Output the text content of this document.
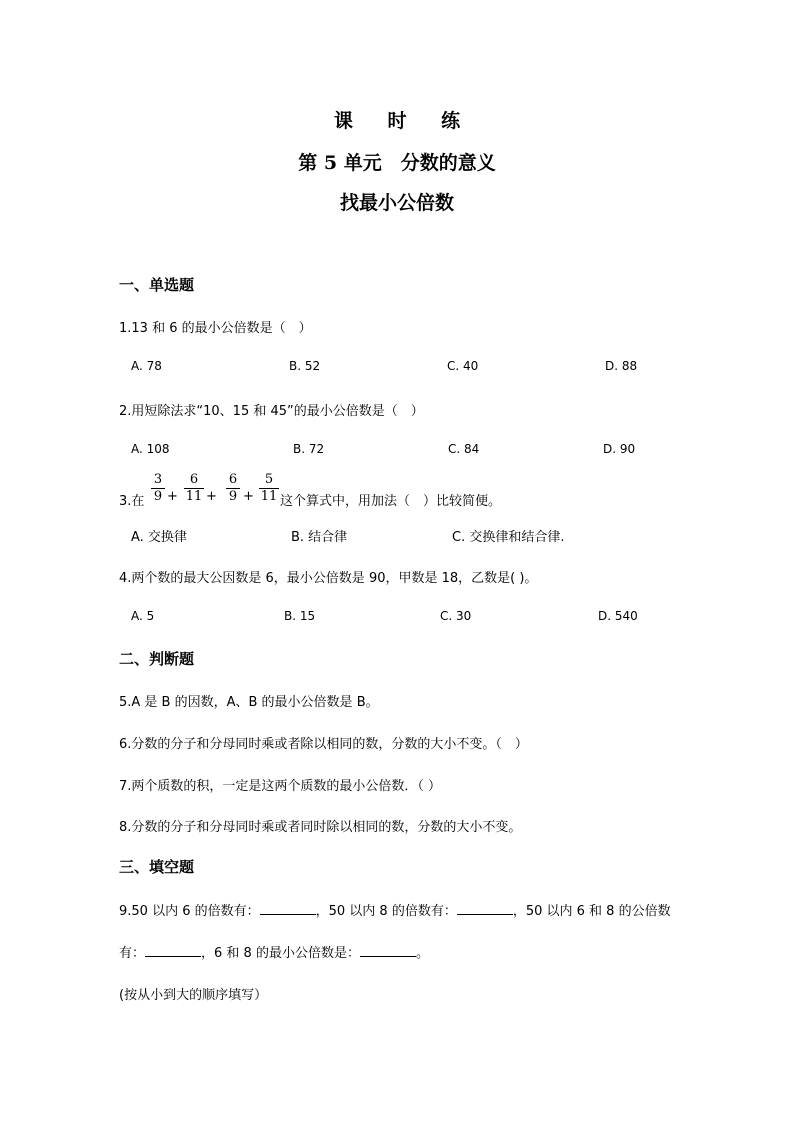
课 时 练
第 5 单元　分数的意义
找最小公倍数
一、单选题
1.13 和 6 的最小公倍数是（　）
A. 78	B. 52	C. 40	D. 88
2.用短除法求“10、15 和 45”的最小公倍数是（　）
A. 108	B. 72	C. 84	D. 90
3.在 $\frac{3}{9} + \frac{6}{11} + \frac{6}{9} + \frac{5}{11}$ 这个算式中，用加法（　）比较简便。
A. 交换律	B. 结合律	C. 交换律和结合律.
4.两个数的最大公因数是 6，最小公倍数是 90，甲数是 18，乙数是( )。
A. 5	B. 15	C. 30	D. 540
二、判断题
5.A 是 B 的因数，A、B 的最小公倍数是 B。
6.分数的分子和分母同时乘或者除以相同的数，分数的大小不变。（　）
7.两个质数的积，一定是这两个质数的最小公倍数．（ ）
8.分数的分子和分母同时乘或者同时除以相同的数，分数的大小不变。
三、填空题
9.50 以内 6 的倍数有：	，50 以内 8 的倍数有：	，50 以内 6 和 8 的公倍数
有：	，6 和 8 的最小公倍数是：	。
(按从小到大的顺序填写）
